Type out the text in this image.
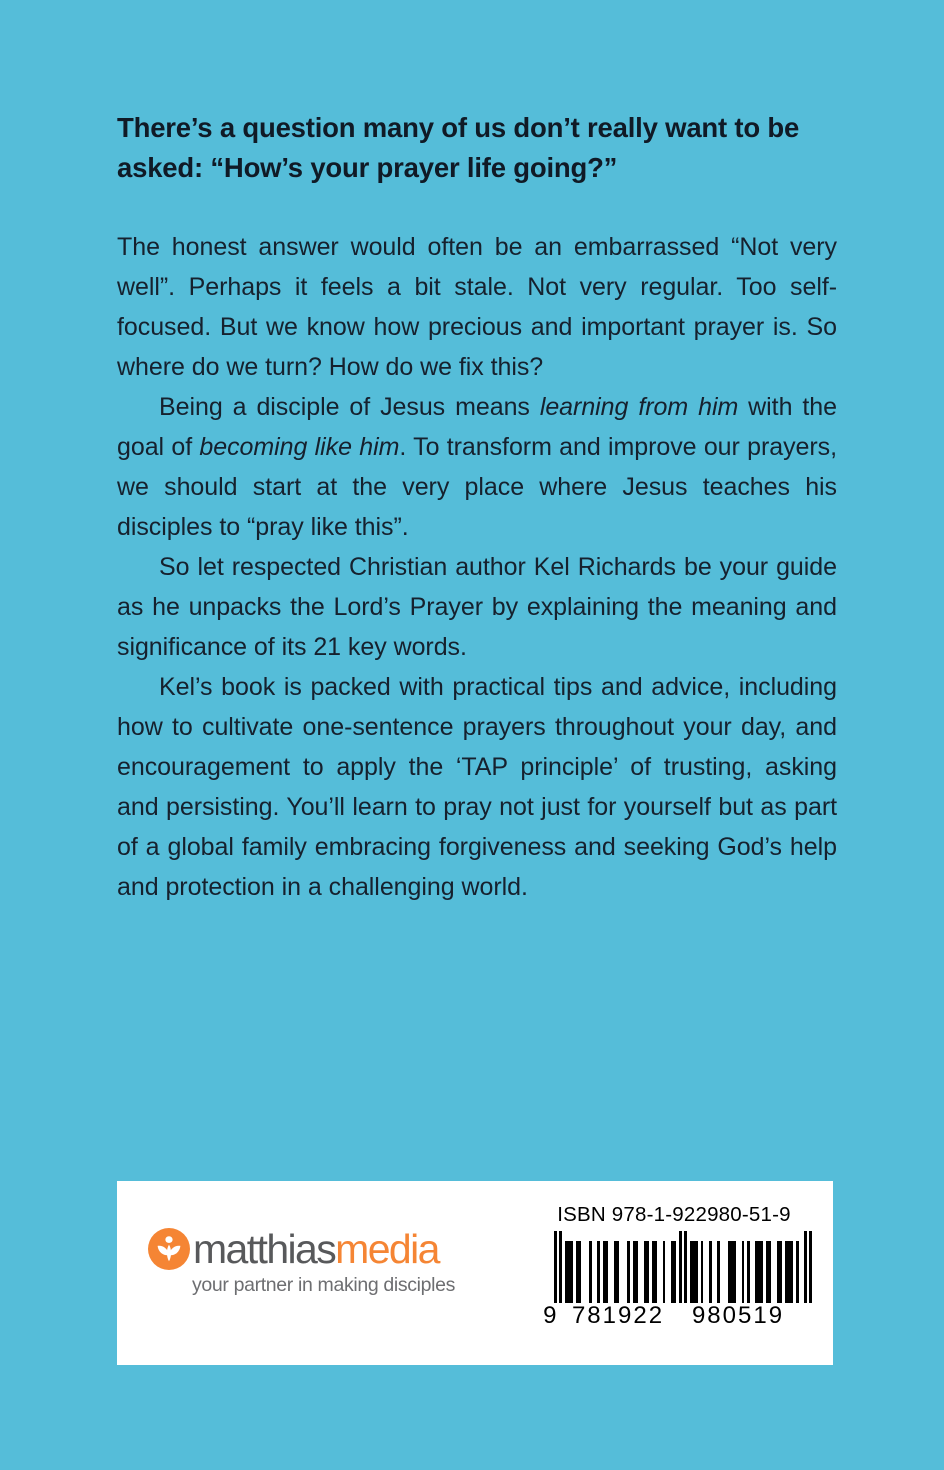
There’s a question many of us don’t really want to be asked: “How’s your prayer life going?”

The honest answer would often be an embarrassed “Not very well”. Perhaps it feels a bit stale. Not very regular. Too self-focused. But we know how precious and important prayer is. So where do we turn? How do we fix this?

Being a disciple of Jesus means learning from him with the goal of becoming like him. To transform and improve our prayers, we should start at the very place where Jesus teaches his disciples to “pray like this”.

So let respected Christian author Kel Richards be your guide as he unpacks the Lord’s Prayer by explaining the meaning and significance of its 21 key words.

Kel’s book is packed with practical tips and advice, including how to cultivate one-sentence prayers throughout your day, and encouragement to apply the ‘TAP principle’ of trusting, asking and persisting. You’ll learn to pray not just for yourself but as part of a global family embracing forgiveness and seeking God’s help and protection in a challenging world.

matthiasmedia
your partner in making disciples
ISBN 978-1-922980-51-9
9 781922	980519
